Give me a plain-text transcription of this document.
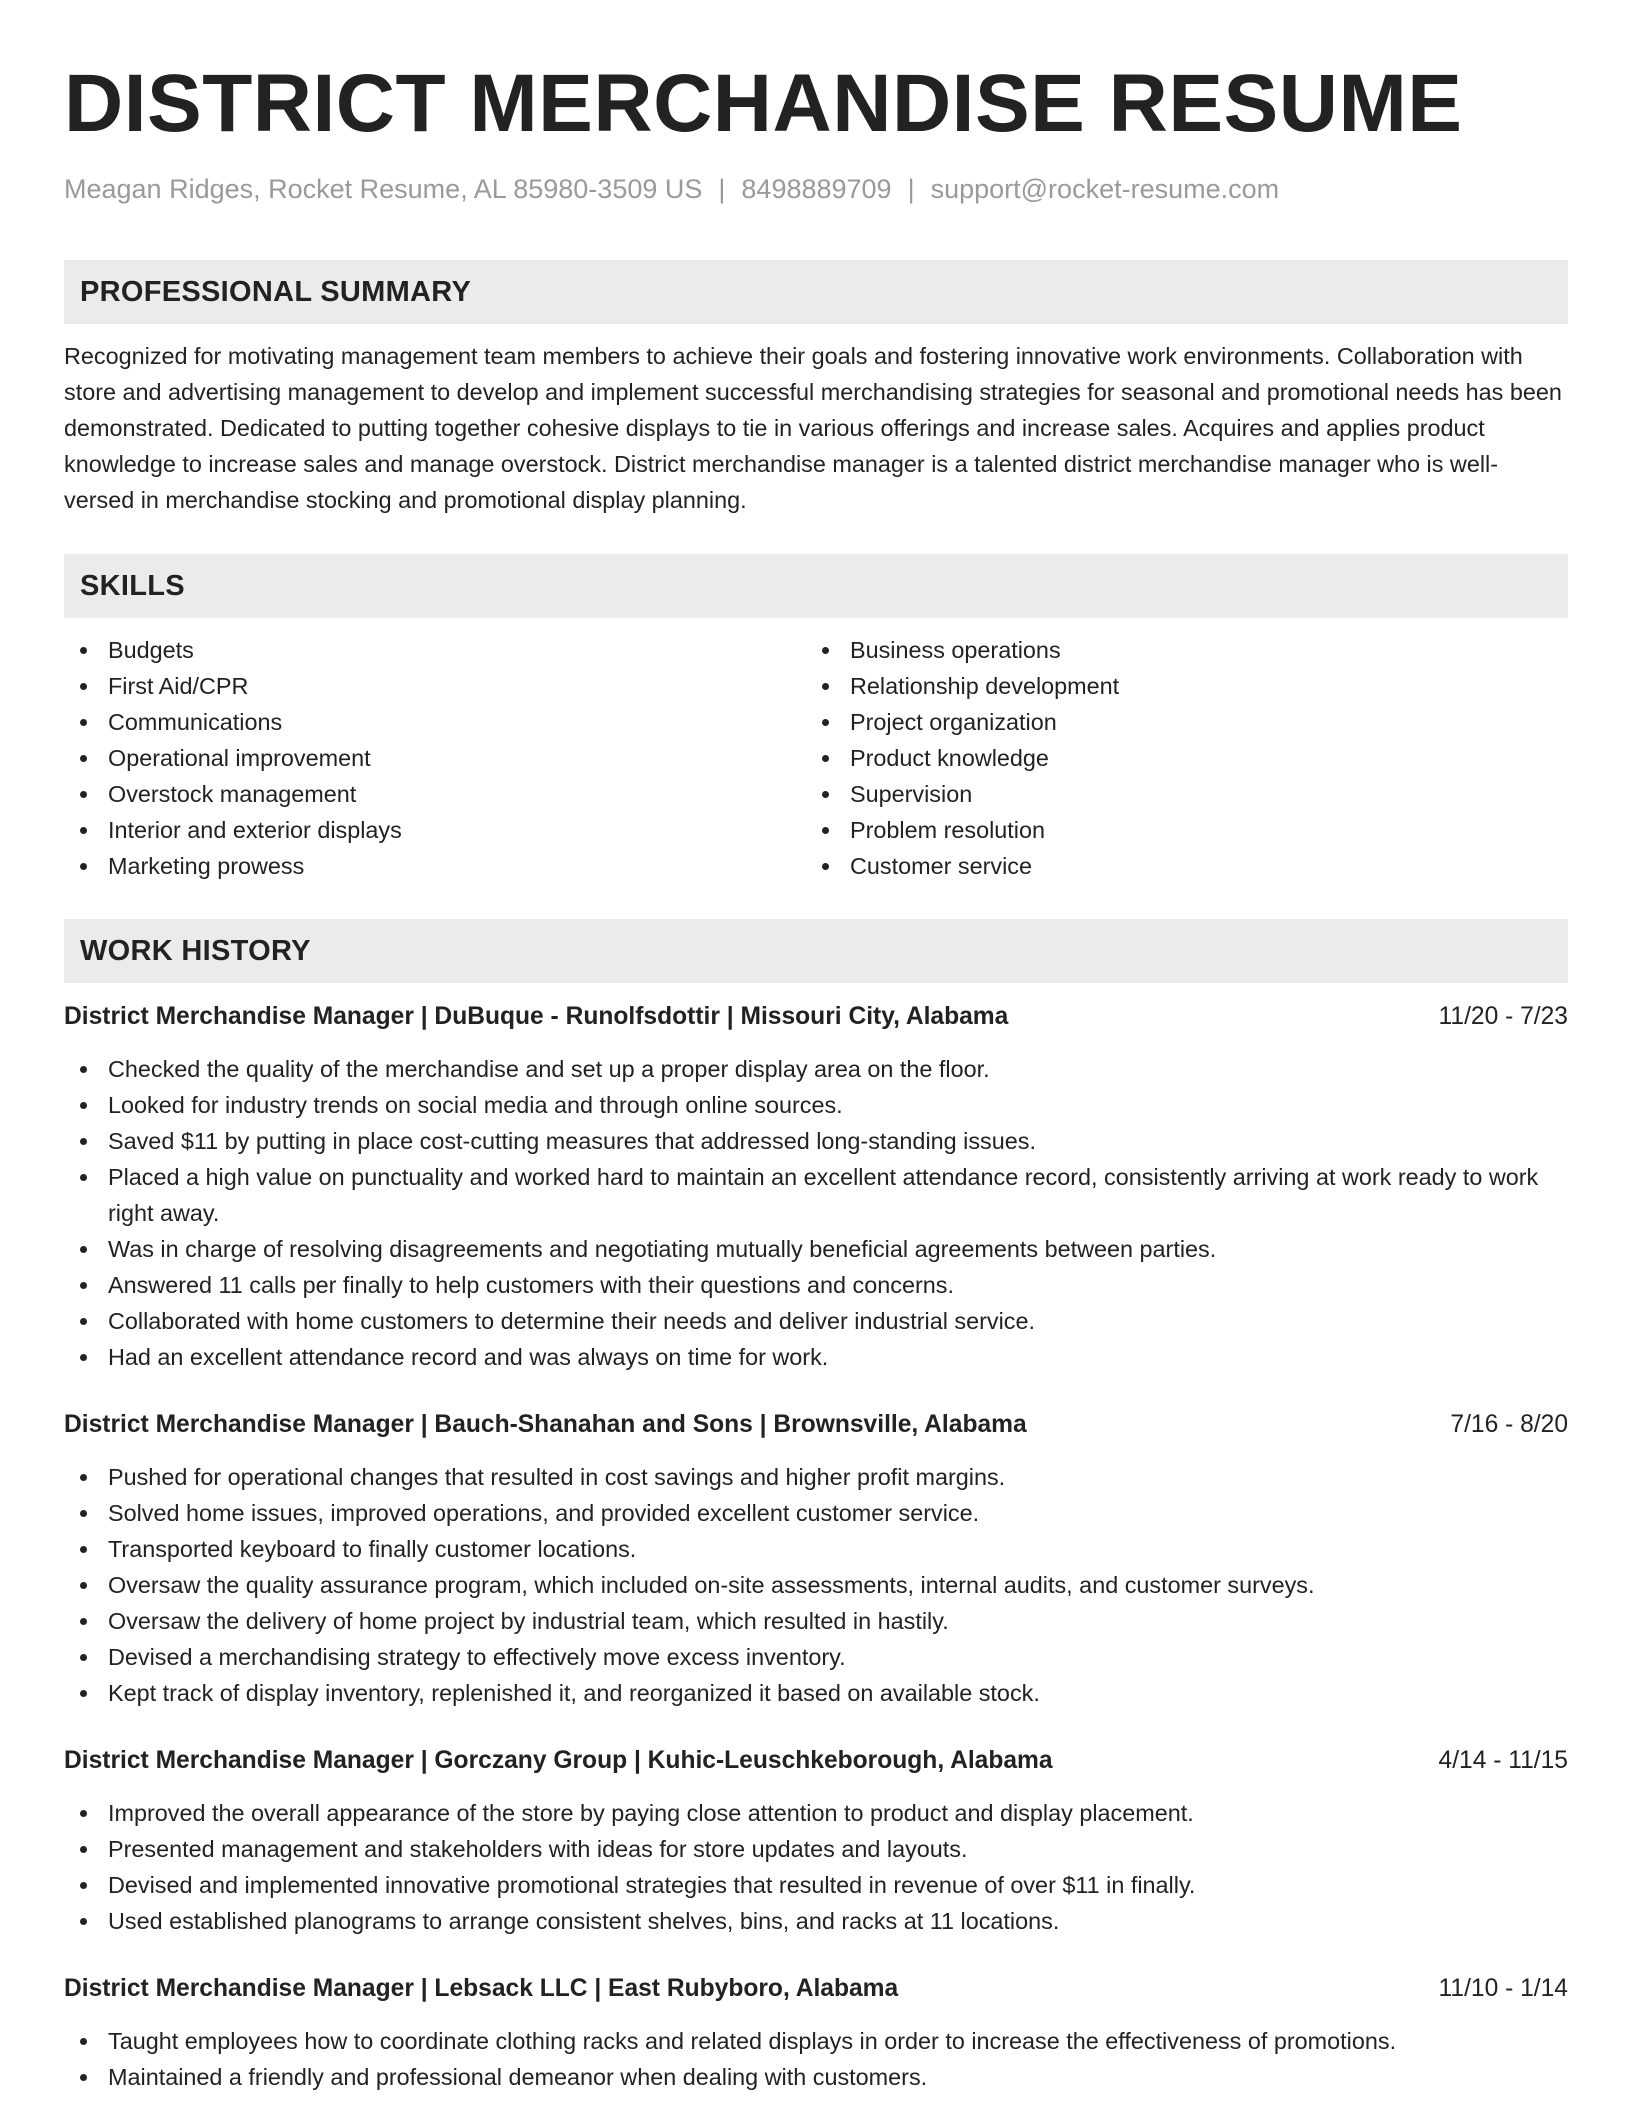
DISTRICT MERCHANDISE RESUME
Meagan Ridges, Rocket Resume, AL 85980-3509 US | 8498889709 | support@rocket-resume.com
PROFESSIONAL SUMMARY

Recognized for motivating management team members to achieve their goals and fostering innovative work environments. Collaboration with store and advertising management to develop and implement successful merchandising strategies for seasonal and promotional needs has been demonstrated. Dedicated to putting together cohesive displays to tie in various offerings and increase sales. Acquires and applies product knowledge to increase sales and manage overstock. District merchandise manager is a talented district merchandise manager who is well-versed in merchandise stocking and promotional display planning.

SKILLS
Budgets
First Aid/CPR
Communications
Operational improvement
Overstock management
Interior and exterior displays
Marketing prowess
Business operations
Relationship development
Project organization
Product knowledge
Supervision
Problem resolution
Customer service
WORK HISTORY
District Merchandise Manager | DuBuque - Runolfsdottir | Missouri City, Alabama	11/20 - 7/23
Checked the quality of the merchandise and set up a proper display area on the floor.
Looked for industry trends on social media and through online sources.
Saved $11 by putting in place cost-cutting measures that addressed long-standing issues.
Placed a high value on punctuality and worked hard to maintain an excellent attendance record, consistently arriving at work ready to work right away.
Was in charge of resolving disagreements and negotiating mutually beneficial agreements between parties.
Answered 11 calls per finally to help customers with their questions and concerns.
Collaborated with home customers to determine their needs and deliver industrial service.
Had an excellent attendance record and was always on time for work.
District Merchandise Manager | Bauch-Shanahan and Sons | Brownsville, Alabama	7/16 - 8/20
Pushed for operational changes that resulted in cost savings and higher profit margins.
Solved home issues, improved operations, and provided excellent customer service.
Transported keyboard to finally customer locations.
Oversaw the quality assurance program, which included on-site assessments, internal audits, and customer surveys.
Oversaw the delivery of home project by industrial team, which resulted in hastily.
Devised a merchandising strategy to effectively move excess inventory.
Kept track of display inventory, replenished it, and reorganized it based on available stock.
District Merchandise Manager | Gorczany Group | Kuhic-Leuschkeborough, Alabama	4/14 - 11/15
Improved the overall appearance of the store by paying close attention to product and display placement.
Presented management and stakeholders with ideas for store updates and layouts.
Devised and implemented innovative promotional strategies that resulted in revenue of over $11 in finally.
Used established planograms to arrange consistent shelves, bins, and racks at 11 locations.
District Merchandise Manager | Lebsack LLC | East Rubyboro, Alabama	11/10 - 1/14
Taught employees how to coordinate clothing racks and related displays in order to increase the effectiveness of promotions.
Maintained a friendly and professional demeanor when dealing with customers.
